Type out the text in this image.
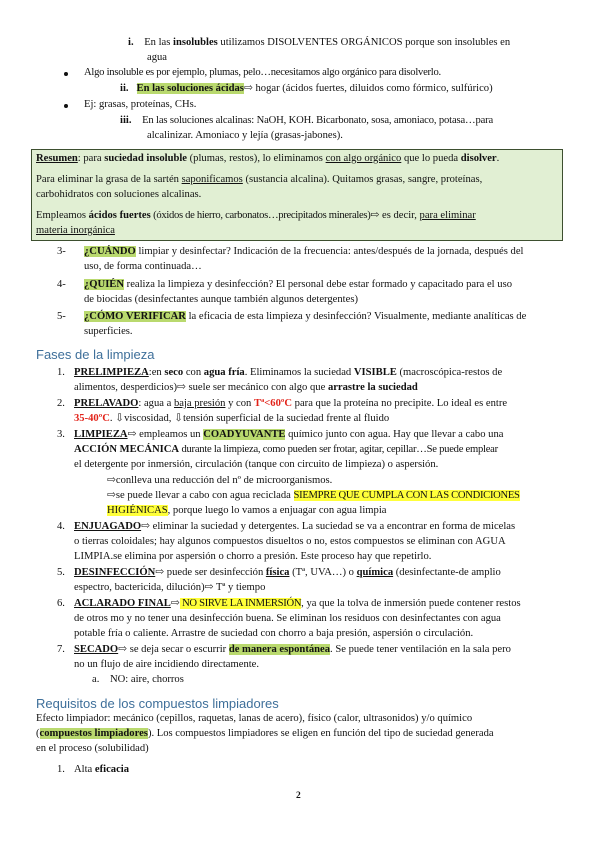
i. En las insolubles utilizamos DISOLVENTES ORGÁNICOS porque son insolubles en
agua
Algo insoluble es por ejemplo, plumas, pelo…necesitamos algo orgánico para disolverlo.
ii. En las soluciones ácidas⇨ hogar (ácidos fuertes, diluidos como fórmico, sulfúrico)
Ej: grasas, proteínas, CHs.
iii. En las soluciones alcalinas: NaOH, KOH. Bicarbonato, sosa, amoniaco, potasa…para
alcalinizar. Amoniaco y lejía (grasas-jabones).
Resumen: para suciedad insoluble (plumas, restos), lo eliminamos con algo orgánico que lo pueda disolver.
Para eliminar la grasa de la sartén saponificamos (sustancia alcalina). Quitamos grasas, sangre, proteínas,
carbohidratos con soluciones alcalinas.
Empleamos ácidos fuertes (óxidos de hierro, carbonatos…precipitados minerales)⇨ es decir, para eliminar
materia inorgánica
3- ¿CUÁNDO limpiar y desinfectar? Indicación de la frecuencia: antes/después de la jornada, después del
uso, de forma continuada…
4- ¿QUIÉN realiza la limpieza y desinfección? El personal debe estar formado y capacitado para el uso
de biocidas (desinfectantes aunque también algunos detergentes)
5- ¿CÓMO VERIFICAR la eficacia de esta limpieza y desinfección? Visualmente, mediante analíticas de
superficies.
Fases de la limpieza
1. PRELIMPIEZA:en seco con agua fría. Eliminamos la suciedad VISIBLE (macroscópica-restos de
alimentos, desperdicios)⇨ suele ser mecánico con algo que arrastre la suciedad
2. PRELAVADO: agua a baja presión y con Tª<60ºC para que la proteína no precipite. Lo ideal es entre
35-40ºC. ⇩viscosidad, ⇩tensión superficial de la suciedad frente al fluido
3. LIMPIEZA⇨ empleamos un COADYUVANTE químico junto con agua. Hay que llevar a cabo una
ACCIÓN MECÁNICA durante la limpieza, como pueden ser frotar, agitar, cepillar…Se puede emplear
el detergente por inmersión, circulación (tanque con circuito de limpieza) o aspersión.
⇨conlleva una reducción del nº de microorganismos.
⇨se puede llevar a cabo con agua reciclada SIEMPRE QUE CUMPLA CON LAS CONDICIONES
HIGIÉNICAS, porque luego lo vamos a enjuagar con agua limpia
4. ENJUAGADO⇨ eliminar la suciedad y detergentes. La suciedad se va a encontrar en forma de micelas
o tierras coloidales; hay algunos compuestos disueltos o no, estos compuestos se eliminan con AGUA
LIMPIA.se elimina por aspersión o chorro a presión. Este proceso hay que repetirlo.
5. DESINFECCIÓN⇨ puede ser desinfección física (Tª, UVA…) o química (desinfectante-de amplio
espectro, bactericida, dilución)⇨ Tª y tiempo
6. ACLARADO FINAL⇨ NO SIRVE LA INMERSIÓN, ya que la tolva de inmersión puede contener restos
de otros mo y no tener una desinfección buena. Se eliminan los residuos con desinfectantes con agua
potable fría o caliente. Arrastre de suciedad con chorro a baja presión, aspersión o circulación.
7. SECADO⇨ se deja secar o escurrir de manera espontánea. Se puede tener ventilación en la sala pero
no un flujo de aire incidiendo directamente.
a. NO: aire, chorros
Requisitos de los compuestos limpiadores
Efecto limpiador: mecánico (cepillos, raquetas, lanas de acero), físico (calor, ultrasonidos) y/o químico
(compuestos limpiadores). Los compuestos limpiadores se eligen en función del tipo de suciedad generada
en el proceso (solubilidad)
1. Alta eficacia
2
